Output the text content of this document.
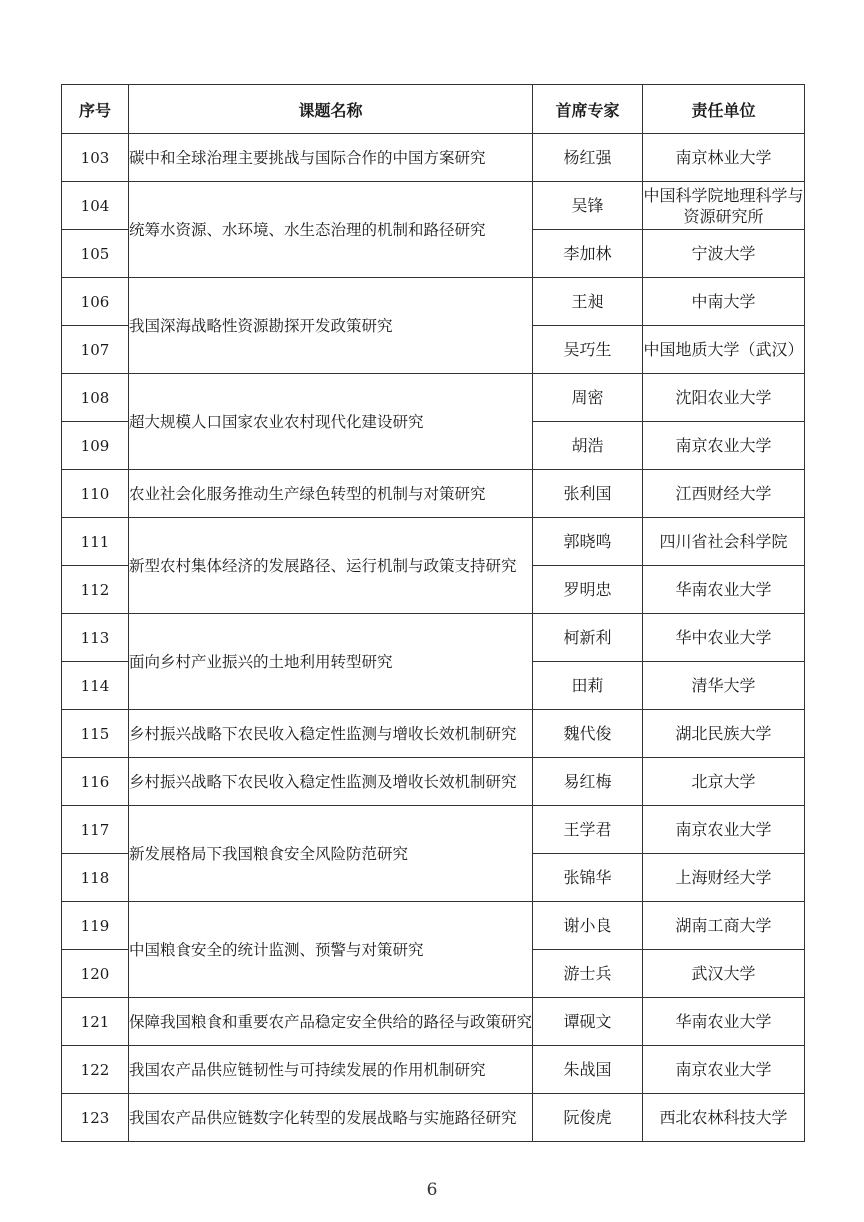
序号	课题名称	首席专家	责任单位
103	碳中和全球治理主要挑战与国际合作的中国方案研究	杨红强	南京林业大学
104	统筹水资源、水环境、水生态治理的机制和路径研究	吴锋	中国科学院地理科学与资源研究所
105		李加林	宁波大学
106	我国深海战略性资源勘探开发政策研究	王昶	中南大学
107		吴巧生	中国地质大学（武汉）
108	超大规模人口国家农业农村现代化建设研究	周密	沈阳农业大学
109		胡浩	南京农业大学
110	农业社会化服务推动生产绿色转型的机制与对策研究	张利国	江西财经大学
111	新型农村集体经济的发展路径、运行机制与政策支持研究	郭晓鸣	四川省社会科学院
112		罗明忠	华南农业大学
113	面向乡村产业振兴的土地利用转型研究	柯新利	华中农业大学
114		田莉	清华大学
115	乡村振兴战略下农民收入稳定性监测与增收长效机制研究	魏代俊	湖北民族大学
116	乡村振兴战略下农民收入稳定性监测及增收长效机制研究	易红梅	北京大学
117	新发展格局下我国粮食安全风险防范研究	王学君	南京农业大学
118		张锦华	上海财经大学
119	中国粮食安全的统计监测、预警与对策研究	谢小良	湖南工商大学
120		游士兵	武汉大学
121	保障我国粮食和重要农产品稳定安全供给的路径与政策研究	谭砚文	华南农业大学
122	我国农产品供应链韧性与可持续发展的作用机制研究	朱战国	南京农业大学
123	我国农产品供应链数字化转型的发展战略与实施路径研究	阮俊虎	西北农林科技大学
6
